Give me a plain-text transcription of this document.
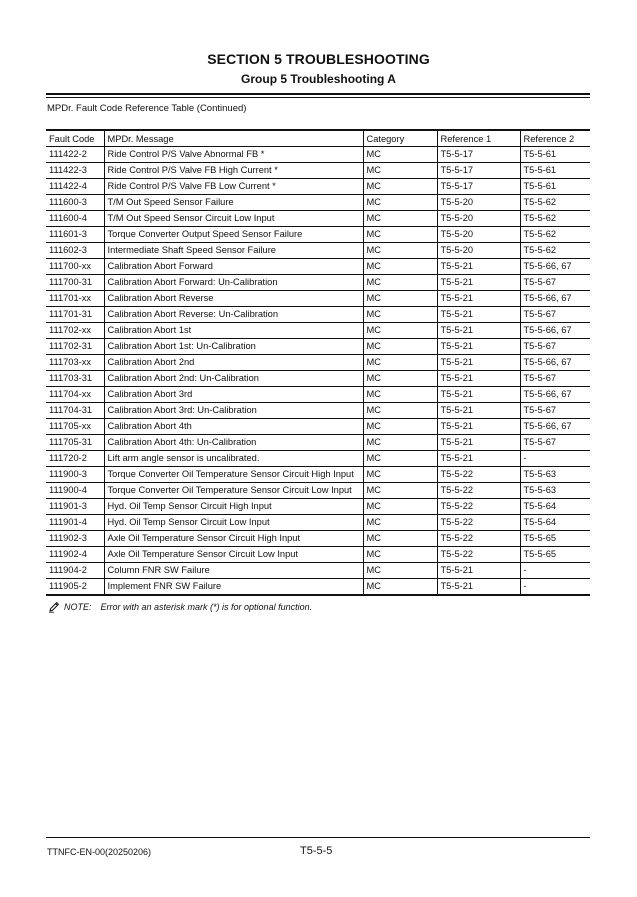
SECTION 5 TROUBLESHOOTING
Group 5 Troubleshooting A
MPDr. Fault Code Reference Table (Continued)
Fault Code	MPDr. Message	Category	Reference 1	Reference 2
111422-2	Ride Control P/S Valve Abnormal FB *	MC	T5-5-17	T5-5-61
111422-3	Ride Control P/S Valve FB High Current *	MC	T5-5-17	T5-5-61
111422-4	Ride Control P/S Valve FB Low Current *	MC	T5-5-17	T5-5-61
111600-3	T/M Out Speed Sensor Failure	MC	T5-5-20	T5-5-62
111600-4	T/M Out Speed Sensor Circuit Low Input	MC	T5-5-20	T5-5-62
111601-3	Torque Converter Output Speed Sensor Failure	MC	T5-5-20	T5-5-62
111602-3	Intermediate Shaft Speed Sensor Failure	MC	T5-5-20	T5-5-62
111700-xx	Calibration Abort Forward	MC	T5-5-21	T5-5-66, 67
111700-31	Calibration Abort Forward: Un-Calibration	MC	T5-5-21	T5-5-67
111701-xx	Calibration Abort Reverse	MC	T5-5-21	T5-5-66, 67
111701-31	Calibration Abort Reverse: Un-Calibration	MC	T5-5-21	T5-5-67
111702-xx	Calibration Abort 1st	MC	T5-5-21	T5-5-66, 67
111702-31	Calibration Abort 1st: Un-Calibration	MC	T5-5-21	T5-5-67
111703-xx	Calibration Abort 2nd	MC	T5-5-21	T5-5-66, 67
111703-31	Calibration Abort 2nd: Un-Calibration	MC	T5-5-21	T5-5-67
111704-xx	Calibration Abort 3rd	MC	T5-5-21	T5-5-66, 67
111704-31	Calibration Abort 3rd: Un-Calibration	MC	T5-5-21	T5-5-67
111705-xx	Calibration Abort 4th	MC	T5-5-21	T5-5-66, 67
111705-31	Calibration Abort 4th: Un-Calibration	MC	T5-5-21	T5-5-67
111720-2	Lift arm angle sensor is uncalibrated.	MC	T5-5-21	-
111900-3	Torque Converter Oil Temperature Sensor Circuit High Input	MC	T5-5-22	T5-5-63
111900-4	Torque Converter Oil Temperature Sensor Circuit Low Input	MC	T5-5-22	T5-5-63
111901-3	Hyd. Oil Temp Sensor Circuit High Input	MC	T5-5-22	T5-5-64
111901-4	Hyd. Oil Temp Sensor Circuit Low Input	MC	T5-5-22	T5-5-64
111902-3	Axle Oil Temperature Sensor Circuit High Input	MC	T5-5-22	T5-5-65
111902-4	Axle Oil Temperature Sensor Circuit Low Input	MC	T5-5-22	T5-5-65
111904-2	Column FNR SW Failure	MC	T5-5-21	-
111905-2	Implement FNR SW Failure	MC	T5-5-21	-
NOTE: Error with an asterisk mark (*) is for optional function.
TTNFC-EN-00(20250206)	T5-5-5
